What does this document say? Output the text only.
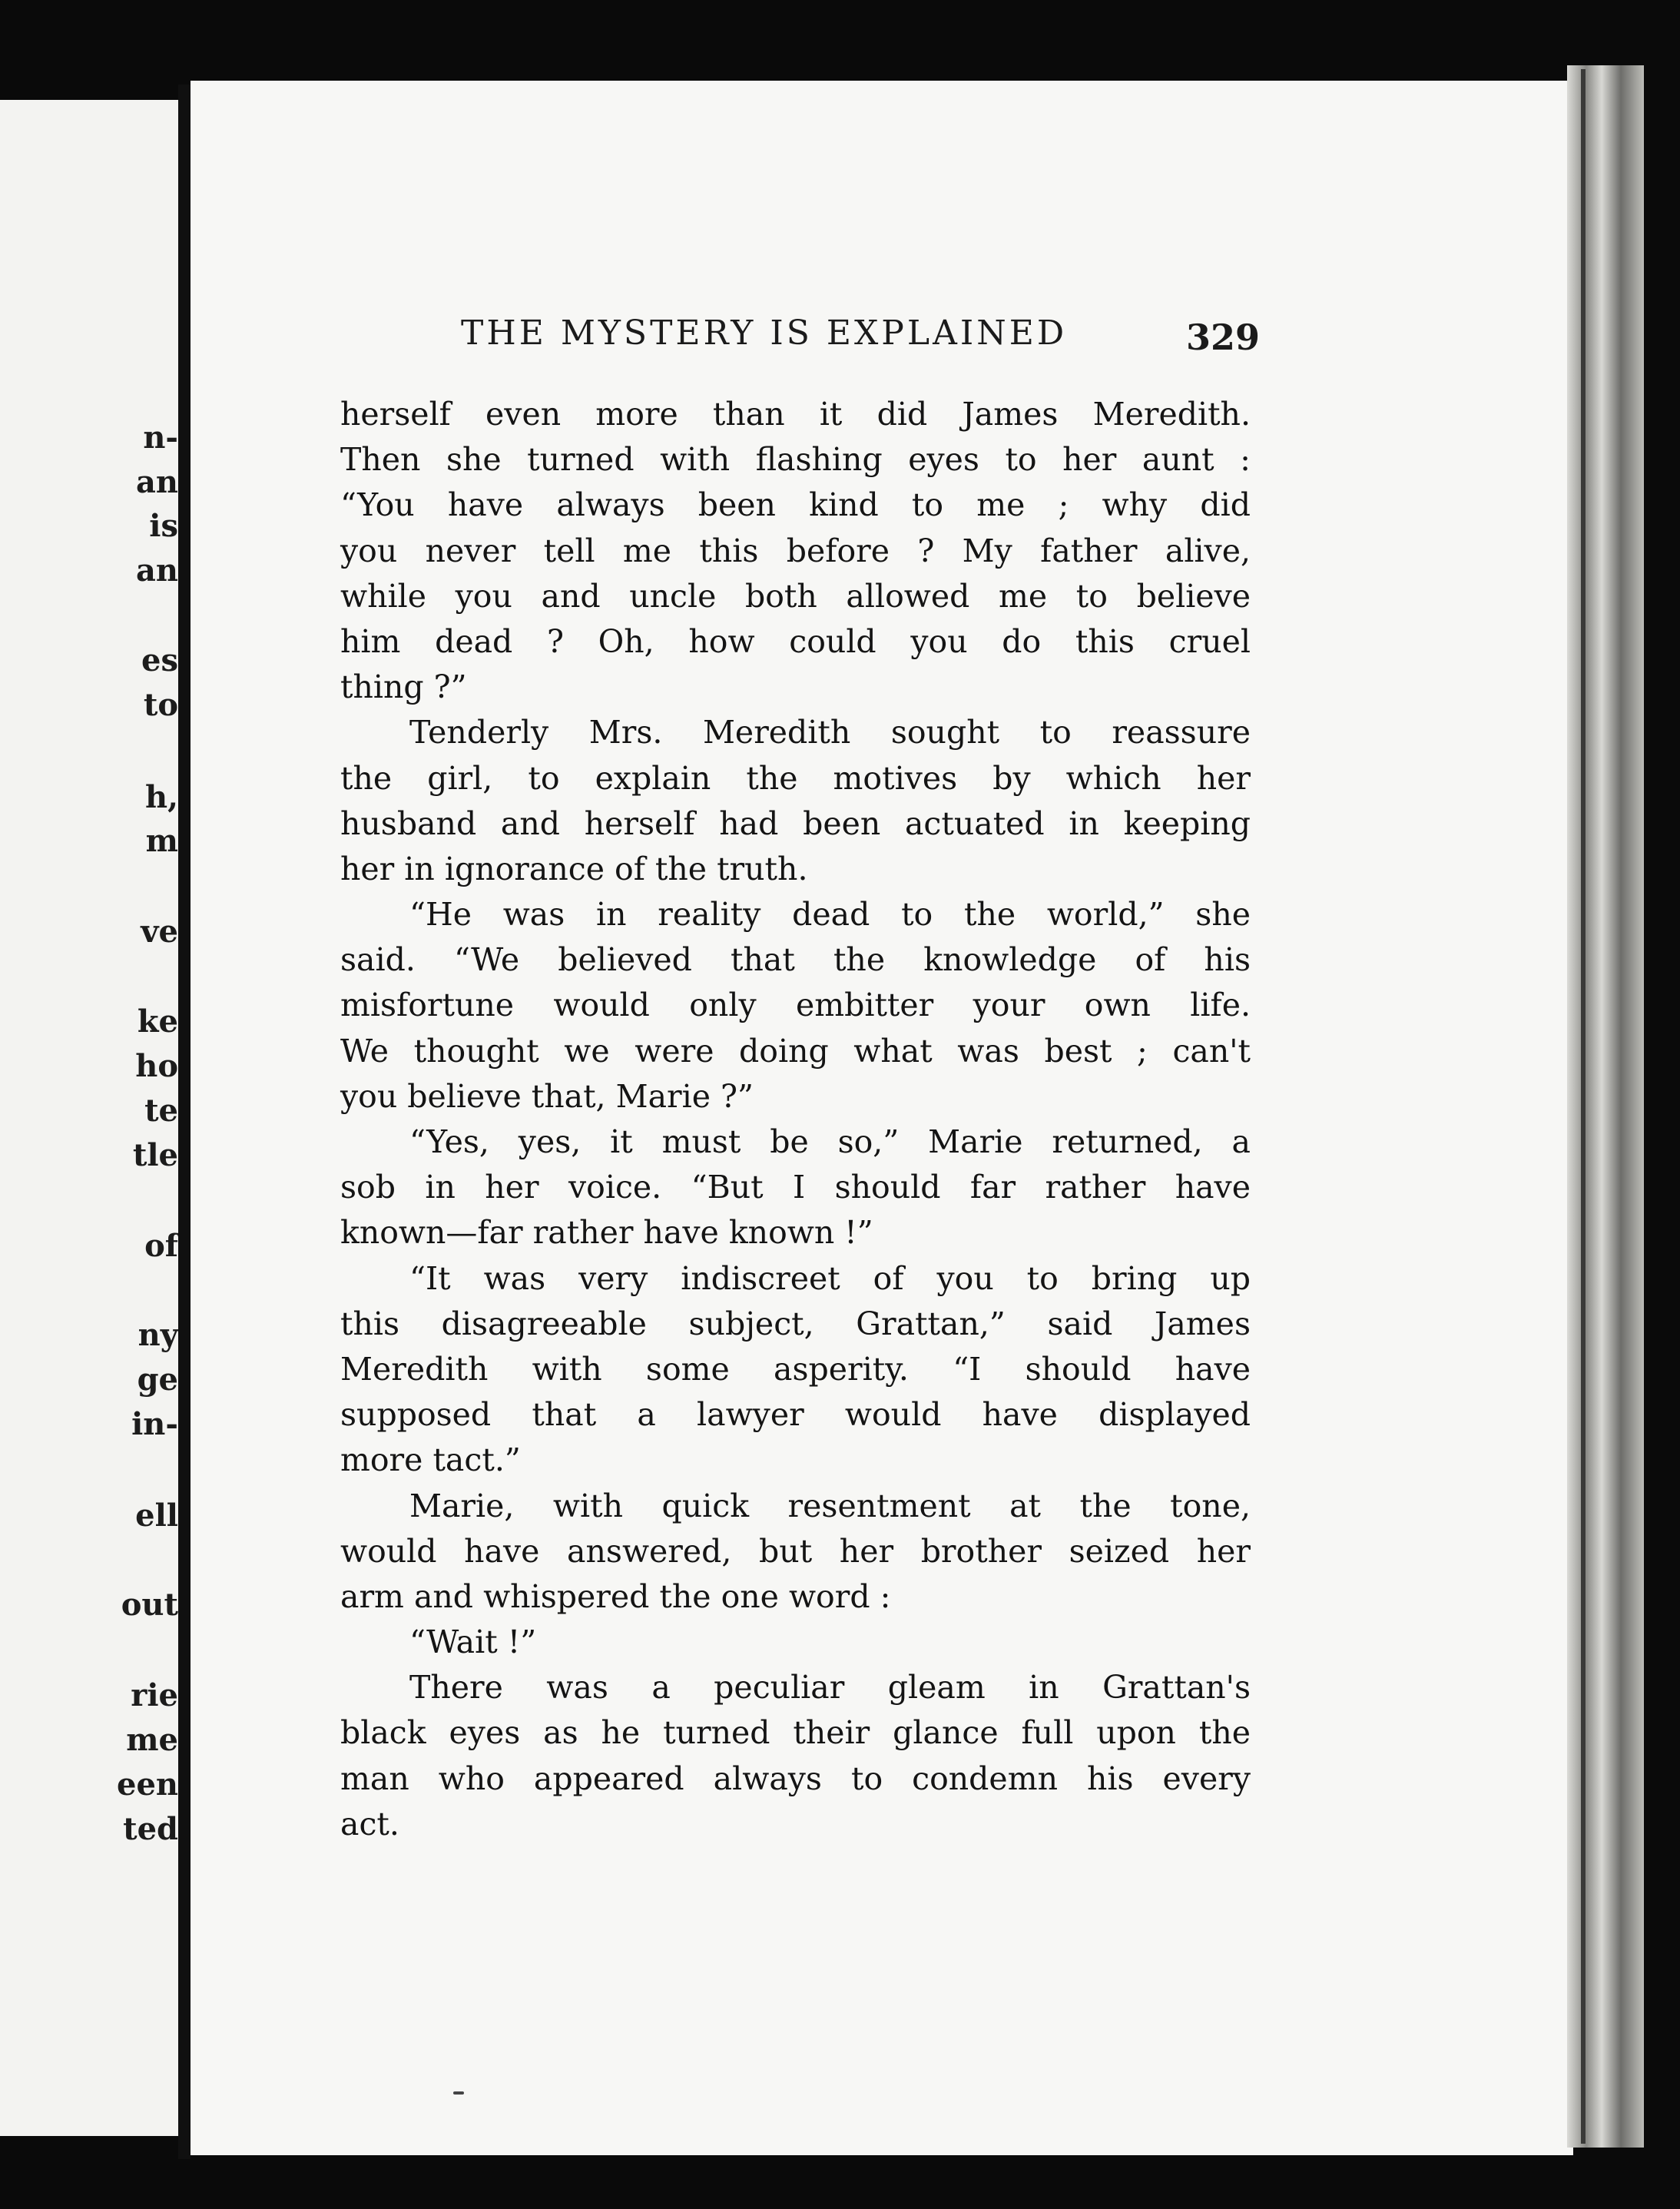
n-
an
is
an
es
to
h,
m
ve
ke
ho
te
tle
of
ny
ge
in-
ell
out
rie
me
een
ted
THE MYSTERY IS EXPLAINED	329
herself even more than it did James Meredith.
Then she turned with flashing eyes to her aunt :
“You have always been kind to me ; why did
you never tell me this before ? My father alive,
while you and uncle both allowed me to believe
him dead ? Oh, how could you do this cruel
thing ?”
Tenderly Mrs. Meredith sought to reassure
the girl, to explain the motives by which her
husband and herself had been actuated in keeping
her in ignorance of the truth.
“He was in reality dead to the world,” she
said. “We believed that the knowledge of his
misfortune would only embitter your own life.
We thought we were doing what was best ; can't
you believe that, Marie ?”
“Yes, yes, it must be so,” Marie returned, a
sob in her voice. “But I should far rather have
known—far rather have known !”
“It was very indiscreet of you to bring up
this disagreeable subject, Grattan,” said James
Meredith with some asperity. “I should have
supposed that a lawyer would have displayed
more tact.”
Marie, with quick resentment at the tone,
would have answered, but her brother seized her
arm and whispered the one word :
“Wait !”
There was a peculiar gleam in Grattan's
black eyes as he turned their glance full upon the
man who appeared always to condemn his every
act.
